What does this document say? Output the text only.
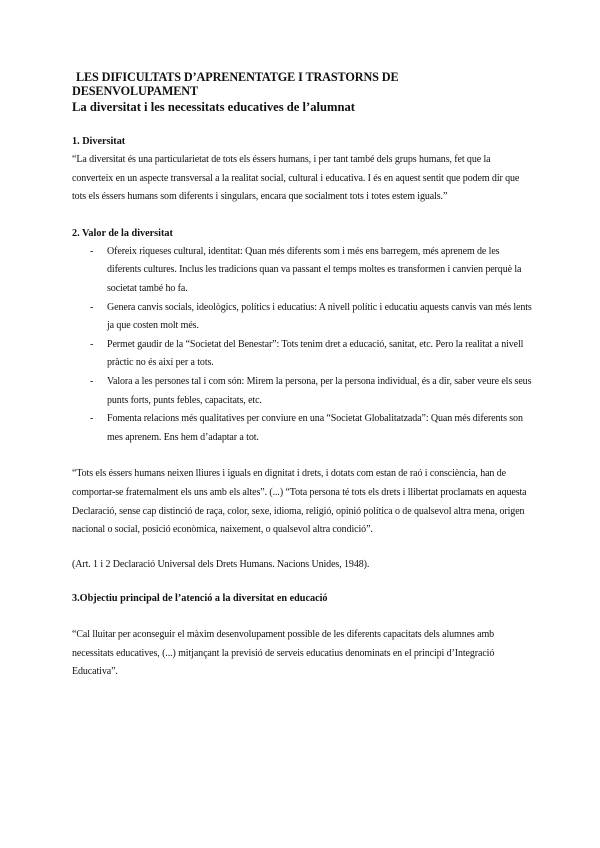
LES DIFICULTATS D’APRENENTATGE I TRASTORNS DE

DESENVOLUPAMENT

La diversitat i les necessitats educatives de l’alumnat

1. Diversitat

“La diversitat és una particularietat de tots els éssers humans, i per tant també dels grups humans, fet que la converteix en un aspecte transversal a la realitat social, cultural i educativa. I és en aquest sentit que podem dir que tots els éssers humans som diferents i singulars, encara que socialment tots i totes estem iguals.”

2. Valor de la diversitat

- Ofereix riqueses cultural, identitat: Quan més diferents som i més ens barregem, més aprenem de les diferents cultures. Inclus les tradicions quan va passant el temps moltes es transformen i canvien perquè la societat també ho fa.
- Genera canvis socials, ideològics, polítics i educatius: A nivell polític i educatiu aquests canvis van més lents ja que costen molt més.
- Permet gaudir de la “Societat del Benestar”: Tots tenim dret a educació, sanitat, etc. Pero la realitat a nivell pràctic no és així per a tots.
- Valora a les persones tal i com són: Mirem la persona, per la persona individual, és a dir, saber veure els seus punts forts, punts febles, capacitats, etc.
- Fomenta relacions més qualitatives per conviure en una “Societat Globalitatzada”: Quan més diferents son mes aprenem. Ens hem d’adaptar a tot.

“Tots els éssers humans neixen lliures i iguals en dignitat i drets, i dotats com estan de raó i consciència, han de comportar-se fraternalment els uns amb els altes”. (...) “Tota persona té tots els drets i llibertat proclamats en aquesta Declaració, sense cap distinció de raça, color, sexe, idioma, religió, opinió política o de qualsevol altra mena, origen nacional o social, posició econòmica, naixement, o qualsevol altra condició”.

(Art. 1 i 2 Declaració Universal dels Drets Humans. Nacions Unides, 1948).

3.Objectiu principal de l’atenció a la diversitat en educació

“Cal lluitar per aconseguir el màxim desenvolupament possible de les diferents capacitats dels alumnes amb necessitats educatives, (...) mitjançant la previsió de serveis educatius denominats en el principi d’Integració Educativa”.
